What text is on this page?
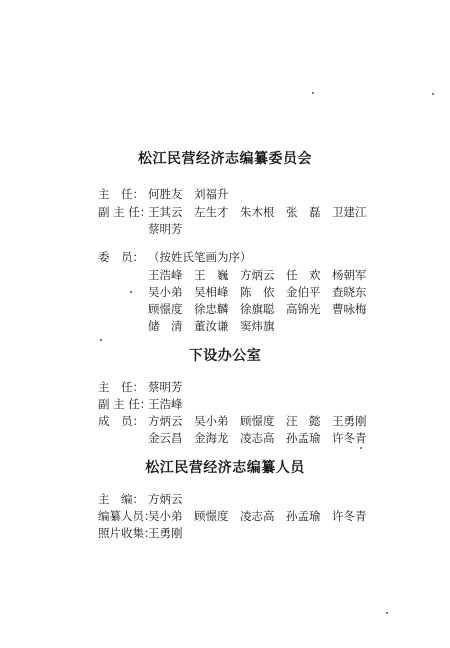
松江民营经济志编纂委员会
主　任： 何胜友　刘福升
副 主 任：王其云　左生才　朱木根　张　磊　卫建江
蔡明芳
委　员： （按姓氏笔画为序）
王浩峰　王　巍　方炳云　任　欢　杨朝军
吴小弟　吴相峰　陈　依　金伯平　查晓东
顾憬度　徐忠麟　徐旗聪　高锦光　曹咏梅
储　清　董汝谦　窦炜旗
下设办公室
主　任： 蔡明芳
副 主 任：王浩峰
成　员： 方炳云　吴小弟　顾憬度　汪　懿　王勇刚
金云昌　金海龙　凌志高　孙孟瑜　许冬青
松江民营经济志编纂人员
主　编： 方炳云
编纂人员：吴小弟　顾憬度　凌志高　孙孟瑜　许冬青
照片收集：王勇刚
